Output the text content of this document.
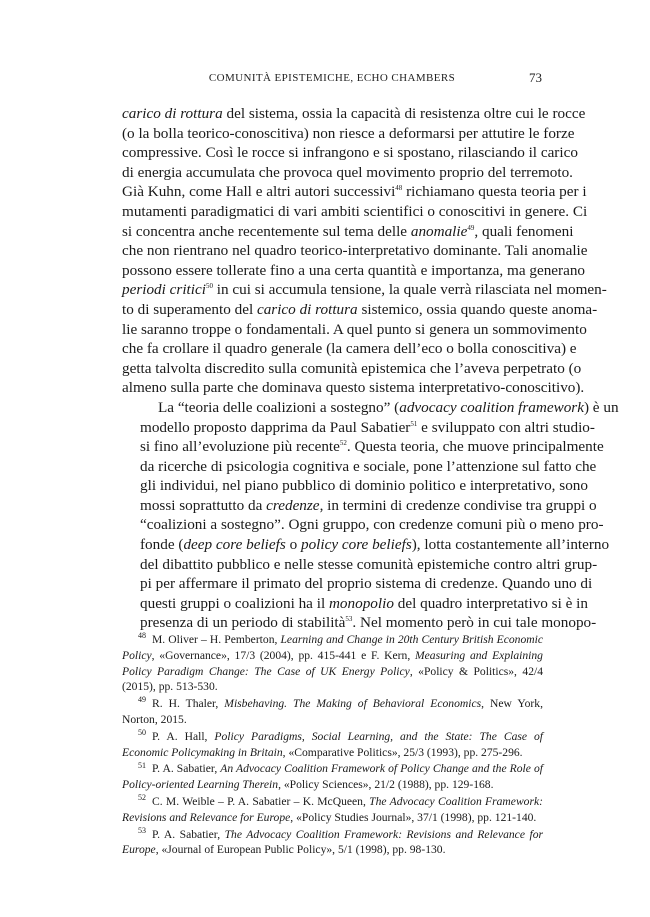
COMUNITÀ EPISTEMICHE, ECHO CHAMBERS	73

carico di rottura del sistema, ossia la capacità di resistenza oltre cui le rocce
(o la bolla teorico-conoscitiva) non riesce a deformarsi per attutire le forze
compressive. Così le rocce si infrangono e si spostano, rilasciando il carico
di energia accumulata che provoca quel movimento proprio del terremoto.
Già Kuhn, come Hall e altri autori successivi$^{48}$ richiamano questa teoria per i
mutamenti paradigmatici di vari ambiti scientifici o conoscitivi in genere. Ci
si concentra anche recentemente sul tema delle anomalie$^{49}$, quali fenomeni
che non rientrano nel quadro teorico-interpretativo dominante. Tali anomalie
possono essere tollerate fino a una certa quantità e importanza, ma generano
periodi critici$^{50}$ in cui si accumula tensione, la quale verrà rilasciata nel momen-
to di superamento del carico di rottura sistemico, ossia quando queste anoma-
lie saranno troppe o fondamentali. A quel punto si genera un sommovimento
che fa crollare il quadro generale (la camera dell’eco o bolla conoscitiva) e
getta talvolta discredito sulla comunità epistemica che l’aveva perpetrato (o
almeno sulla parte che dominava questo sistema interpretativo-conoscitivo).

La “teoria delle coalizioni a sostegno” (advocacy coalition framework) è un
modello proposto dapprima da Paul Sabatier$^{51}$ e sviluppato con altri studio-
si fino all’evoluzione più recente$^{52}$. Questa teoria, che muove principalmente
da ricerche di psicologia cognitiva e sociale, pone l’attenzione sul fatto che
gli individui, nel piano pubblico di dominio politico e interpretativo, sono
mossi soprattutto da credenze, in termini di credenze condivise tra gruppi o
“coalizioni a sostegno”. Ogni gruppo, con credenze comuni più o meno pro-
fonde (deep core beliefs o policy core beliefs), lotta costantemente all’interno
del dibattito pubblico e nelle stesse comunità epistemiche contro altri grup-
pi per affermare il primato del proprio sistema di credenze. Quando uno di
questi gruppi o coalizioni ha il monopolio del quadro interpretativo si è in
presenza di un periodo di stabilità$^{53}$. Nel momento però in cui tale monopo-

$^{48}$ M. Oliver – H. Pemberton, Learning and Change in 20th Century British Economic Policy, «Governance», 17/3 (2004), pp. 415-441 e F. Kern, Measuring and Explaining Policy Paradigm Change: The Case of UK Energy Policy, «Policy & Politics», 42/4 (2015), pp. 513-530.

$^{49}$ R. H. Thaler, Misbehaving. The Making of Behavioral Economics, New York, Norton, 2015.

$^{50}$ P. A. Hall, Policy Paradigms, Social Learning, and the State: The Case of Economic Policymaking in Britain, «Comparative Politics», 25/3 (1993), pp. 275-296.

$^{51}$ P. A. Sabatier, An Advocacy Coalition Framework of Policy Change and the Role of Policy-oriented Learning Therein, «Policy Sciences», 21/2 (1988), pp. 129-168.

$^{52}$ C. M. Weible – P. A. Sabatier – K. McQueen, The Advocacy Coalition Framework: Revisions and Relevance for Europe, «Policy Studies Journal», 37/1 (1998), pp. 121-140.

$^{53}$ P. A. Sabatier, The Advocacy Coalition Framework: Revisions and Relevance for Europe, «Journal of European Public Policy», 5/1 (1998), pp. 98-130.
